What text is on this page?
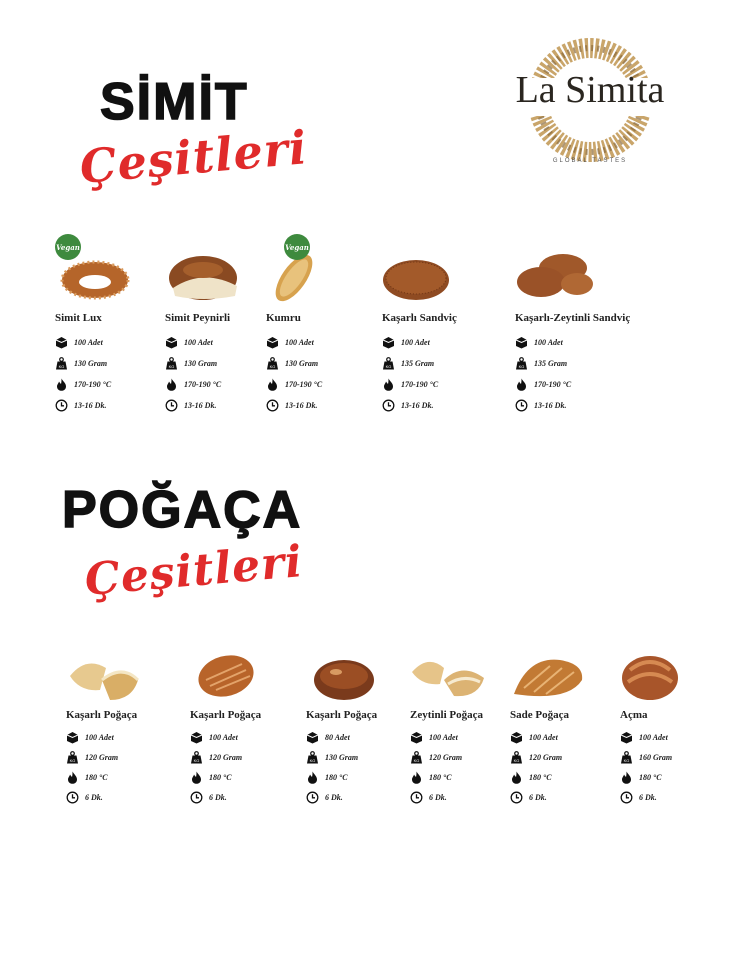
SİMİT
Çeşitleri
La Simita
GLOBAL TASTES
Vegan
Simit Lux
100 Adet
KG 130 Gram
170-190 °C
13-16 Dk.
Simit Peynirli
100 Adet
KG 130 Gram
170-190 °C
13-16 Dk.
Vegan
Kumru
100 Adet
KG 130 Gram
170-190 °C
13-16 Dk.
Kaşarlı Sandviç
100 Adet
KG 135 Gram
170-190 °C
13-16 Dk.
Kaşarlı-Zeytinli Sandviç
100 Adet
KG 135 Gram
170-190 °C
13-16 Dk.
POĞAÇA
Çeşitleri
Kaşarlı Poğaça
100 Adet
KG 120 Gram
180 °C
6 Dk.
Kaşarlı Poğaça
100 Adet
KG 120 Gram
180 °C
6 Dk.
Kaşarlı Poğaça
80 Adet
KG 130 Gram
180 °C
6 Dk.
Zeytinli Poğaça
100 Adet
KG 120 Gram
180 °C
6 Dk.
Sade Poğaça
100 Adet
KG 120 Gram
180 °C
6 Dk.
Açma
100 Adet
KG 160 Gram
180 °C
6 Dk.
